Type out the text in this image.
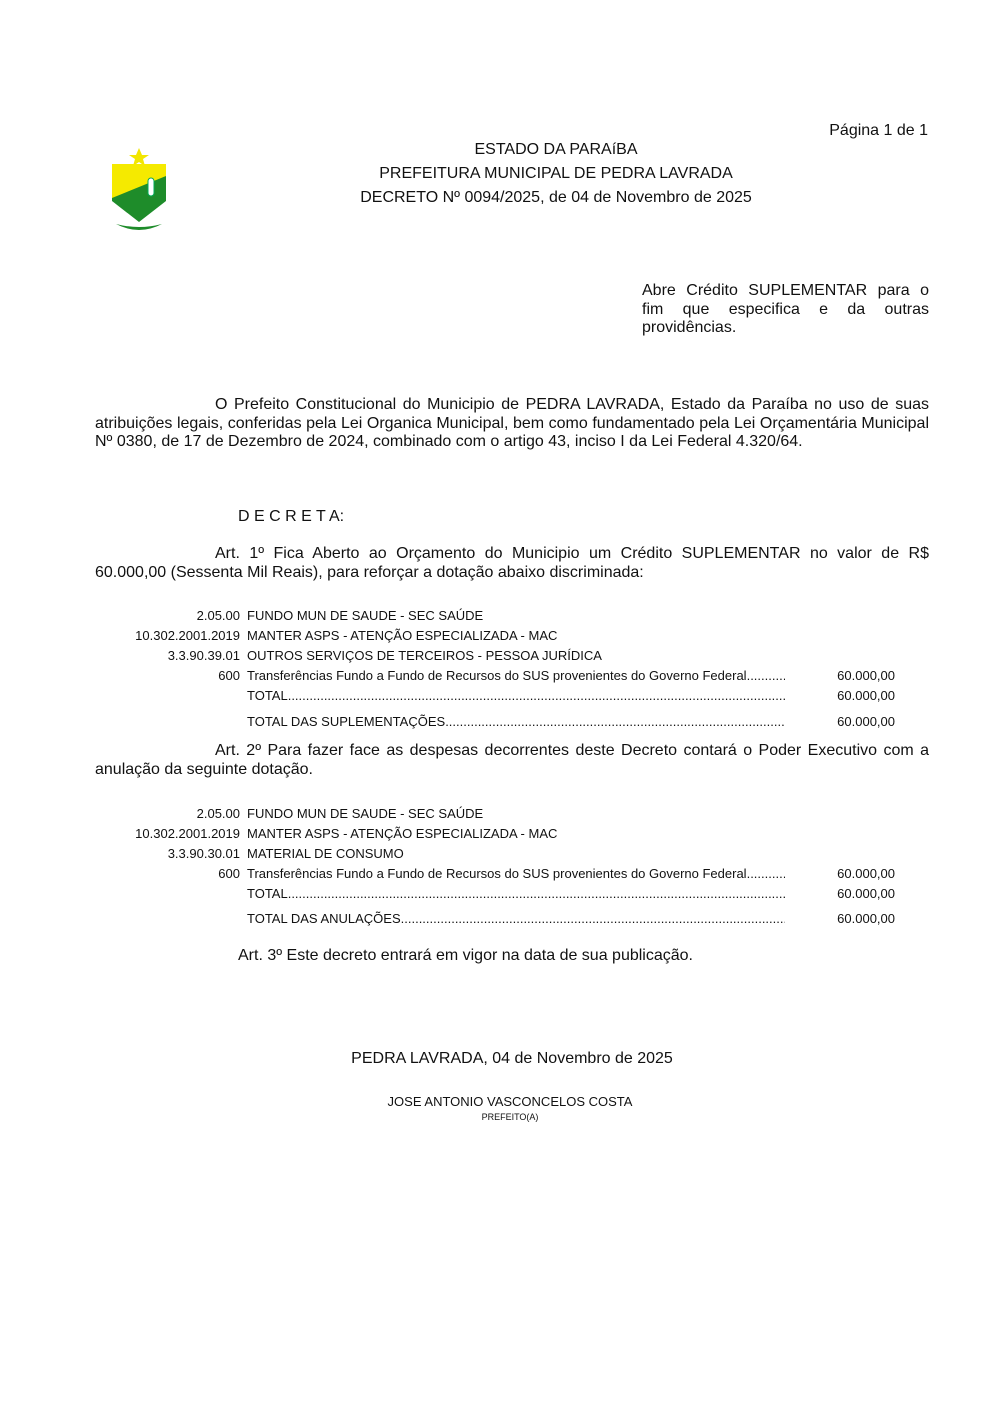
Página 1 de 1
ESTADO DA PARAíBA
PREFEITURA MUNICIPAL DE PEDRA LAVRADA
DECRETO Nº 0094/2025, de 04 de Novembro de 2025
Abre Crédito SUPLEMENTAR para o fim que especifica e da outras providências.
O Prefeito Constitucional do Municipio de PEDRA LAVRADA, Estado da Paraíba no uso de suas atribuições legais, conferidas pela Lei Organica Municipal, bem como fundamentado pela Lei Orçamentária Municipal Nº 0380, de 17 de Dezembro de 2024, combinado com o artigo 43, inciso I da Lei Federal 4.320/64.
D E C R E T A:
Art. 1º Fica Aberto ao Orçamento do Municipio um Crédito SUPLEMENTAR no valor de R$ 60.000,00 (Sessenta Mil Reais), para reforçar a dotação abaixo discriminada:
2.05.00 FUNDO MUN DE SAUDE - SEC SAÚDE
10.302.2001.2019 MANTER ASPS - ATENÇÃO ESPECIALIZADA - MAC
3.3.90.39.01 OUTROS SERVIÇOS DE TERCEIROS - PESSOA JURÍDICA
600 Transferências Fundo a Fundo de Recursos do SUS provenientes do Governo Federal .....	60.000,00
TOTAL .....	60.000,00
TOTAL DAS SUPLEMENTAÇÕES .....	60.000,00
Art. 2º Para fazer face as despesas decorrentes deste Decreto contará o Poder Executivo com a anulação da seguinte dotação.
2.05.00 FUNDO MUN DE SAUDE - SEC SAÚDE
10.302.2001.2019 MANTER ASPS - ATENÇÃO ESPECIALIZADA - MAC
3.3.90.30.01 MATERIAL DE CONSUMO
600 Transferências Fundo a Fundo de Recursos do SUS provenientes do Governo Federal .....	60.000,00
TOTAL .....	60.000,00
TOTAL DAS ANULAÇÕES .....	60.000,00
Art. 3º Este decreto entrará em vigor na data de sua publicação.
PEDRA LAVRADA, 04 de Novembro de 2025
JOSE ANTONIO VASCONCELOS COSTA
PREFEITO(A)
